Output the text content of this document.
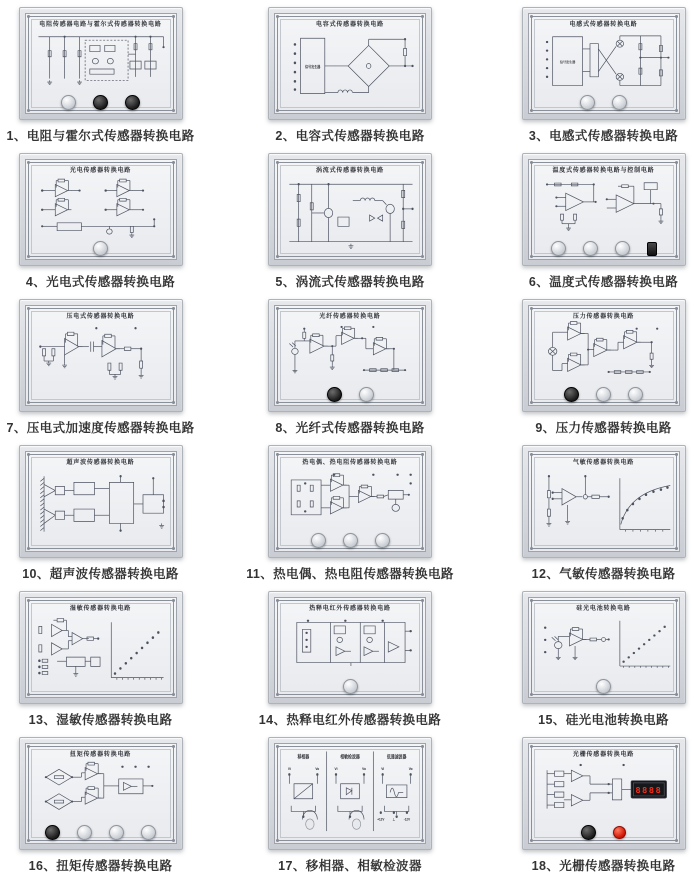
电阻传感器电路与霍尔式传感器转换电路
1、电阻与霍尔式传感器转换电路
电容式传感器转换电路
信号发生器
2、电容式传感器转换电路
电感式传感器转换电路
信号发生器
3、电感式传感器转换电路
光电传感器转换电路
4、光电式传感器转换电路
涡流式传感器转换电路
5、涡流式传感器转换电路
温度式传感器转换电路与控制电路
6、温度式传感器转换电路
压电式传感器转换电路
7、压电式加速度传感器转换电路
光纤传感器转换电路
8、光纤式传感器转换电路
压力传感器转换电路
9、压力传感器转换电路
超声波传感器转换电路
10、超声波传感器转换电路
热电偶、热电阻传感器转换电路
11、热电偶、热电阻传感器转换电路
气敏传感器转换电路
12、气敏传感器转换电路
湿敏传感器转换电路
13、湿敏传感器转换电路
热释电红外传感器转换电路
14、热释电红外传感器转换电路
硅光电池转换电路
15、硅光电池转换电路
扭矩传感器转换电路
16、扭矩传感器转换电路
移相器
Vi	Vo
相敏检波器
Vi	Vo
低通滤波器
Vi	Vo
+12V	⊥	-12V
17、移相器、相敏检波器
光栅传感器转换电路
8888
18、光栅传感器转换电路
